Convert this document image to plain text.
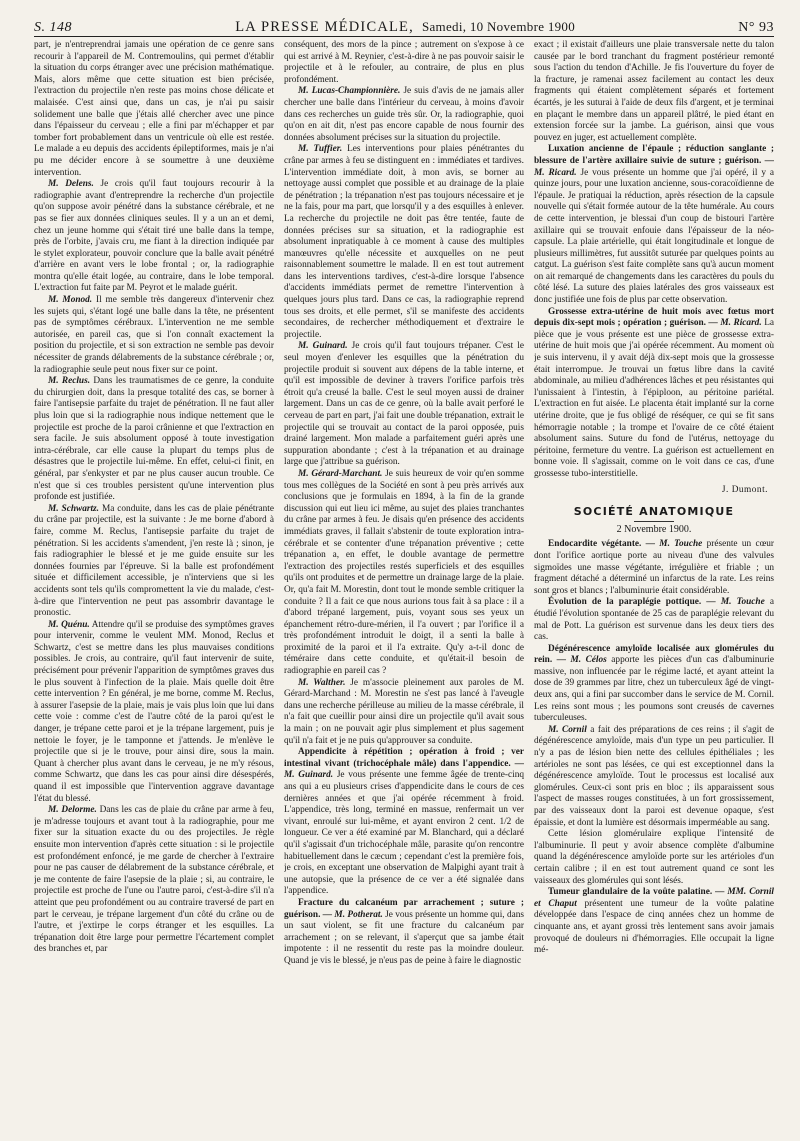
S. 148	LA PRESSE MÉDICALE, Samedi, 10 Novembre 1900	N° 93

part, je n'entreprendrai jamais une opération de ce genre sans recourir à l'appareil de M. Contremoulins, qui permet d'établir la situation du corps étranger avec une précision mathématique. Mais, alors même que cette situation est bien précisée, l'extraction du projectile n'en reste pas moins chose délicate et malaisée. C'est ainsi que, dans un cas, je n'ai pu saisir solidement une balle que j'étais allé chercher avec une pince dans l'épaisseur du cerveau ; elle a fini par m'échapper et par tomber fort probablement dans un ventricule où elle est restée. Le malade a eu depuis des accidents épileptiformes, mais je n'ai pu me décider encore à se soumettre à une deuxième intervention.

M. Delens. Je crois qu'il faut toujours recourir à la radiographie avant d'entreprendre la recherche d'un projectile qu'on suppose avoir pénétré dans la substance cérébrale, et ne pas se fier aux données cliniques seules. Il y a un an et demi, chez un jeune homme qui s'était tiré une balle dans la tempe, près de l'orbite, j'avais cru, me fiant à la direction indiquée par le stylet explorateur, pouvoir conclure que la balle avait pénétré d'arrière en avant vers le lobe frontal ; or, la radiographie montra qu'elle était logée, au contraire, dans le lobe temporal. L'extraction fut faite par M. Peyrot et le malade guérit.

M. Monod. Il me semble très dangereux d'intervenir chez les sujets qui, s'étant logé une balle dans la tête, ne présentent pas de symptômes cérébraux. L'intervention ne me semble autorisée, en pareil cas, que si l'on connaît exactement la position du projectile, et si son extraction ne semble pas devoir nécessiter de grands délabrements de la substance cérébrale ; or, la radiographie seule peut nous fixer sur ce point.

M. Reclus. Dans les traumatismes de ce genre, la conduite du chirurgien doit, dans la presque totalité des cas, se borner à faire l'antisepsie parfaite du trajet de pénétration. Il ne faut aller plus loin que si la radiographie nous indique nettement que le projectile est proche de la paroi crânienne et que l'extraction en sera facile. Je suis absolument opposé à toute investigation intra-cérébrale, car elle cause la plupart du temps plus de désastres que le projectile lui-même. En effet, celui-ci finit, en général, par s'enkyster et par ne plus causer aucun trouble. Ce n'est que si ces troubles persistent qu'une intervention plus profonde est justifiée.

M. Schwartz. Ma conduite, dans les cas de plaie pénétrante du crâne par projectile, est la suivante : Je me borne d'abord à faire, comme M. Reclus, l'antisepsie parfaite du trajet de pénétration. Si les accidents s'amendent, j'en reste là ; sinon, je fais radiographier le blessé et je me guide ensuite sur les données fournies par l'épreuve. Si la balle est profondément située et difficilement accessible, je n'interviens que si les accidents sont tels qu'ils compromettent la vie du malade, c'est-à-dire que l'intervention ne peut pas assombrir davantage le pronostic.

M. Quénu. Attendre qu'il se produise des symptômes graves pour intervenir, comme le veulent MM. Monod, Reclus et Schwartz, c'est se mettre dans les plus mauvaises conditions possibles. Je crois, au contraire, qu'il faut intervenir de suite, précisément pour prévenir l'apparition de symptômes graves dus le plus souvent à l'infection de la plaie. Mais quelle doit être cette intervention ? En général, je me borne, comme M. Reclus, à assurer l'asepsie de la plaie, mais je vais plus loin que lui dans cette voie : comme c'est de l'autre côté de la paroi qu'est le danger, je trépane cette paroi et je la trépane largement, puis je nettoie le foyer, je le tamponne et j'attends. Je m'enlève le projectile que si je le trouve, pour ainsi dire, sous la main. Quant à chercher plus avant dans le cerveau, je ne m'y résous, comme Schwartz, que dans les cas pour ainsi dire désespérés, quand il est impossible que l'intervention aggrave davantage l'état du blessé.

M. Delorme. Dans les cas de plaie du crâne par arme à feu, je m'adresse toujours et avant tout à la radiographie, pour me fixer sur la situation exacte du ou des projectiles. Je règle ensuite mon intervention d'après cette situation : si le projectile est profondément enfoncé, je me garde de chercher à l'extraire pour ne pas causer de délabrement de la substance cérébrale, et je me contente de faire l'asepsie de la plaie ; si, au contraire, le projectile est proche de l'une ou l'autre paroi, c'est-à-dire s'il n'a atteint que peu profondément ou au contraire traversé de part en part le cerveau, je trépane largement d'un côté du crâne ou de l'autre, et j'extirpe le corps étranger et les esquilles. La trépanation doit être large pour permettre l'écartement complet des branches et, par

conséquent, des mors de la pince ; autrement on s'expose à ce qui est arrivé à M. Reynier, c'est-à-dire à ne pas pouvoir saisir le projectile et à le refouler, au contraire, de plus en plus profondément.

M. Lucas-Championnière. Je suis d'avis de ne jamais aller chercher une balle dans l'intérieur du cerveau, à moins d'avoir dans ces recherches un guide très sûr. Or, la radiographie, quoi qu'on en ait dit, n'est pas encore capable de nous fournir des données absolument précises sur la situation du projectile.

M. Tuffier. Les interventions pour plaies pénétrantes du crâne par armes à feu se distinguent en : immédiates et tardives. L'intervention immédiate doit, à mon avis, se borner au nettoyage aussi complet que possible et au drainage de la plaie de pénétration ; la trépanation n'est pas toujours nécessaire et je ne la fais, pour ma part, que lorsqu'il y a des esquilles à enlever. La recherche du projectile ne doit pas être tentée, faute de données précises sur sa situation, et la radiographie est absolument inpratiquable à ce moment à cause des multiples manœuvres qu'elle nécessite et auxquelles on ne peut raisonnablement soumettre le malade. Il en est tout autrement dans les interventions tardives, c'est-à-dire lorsque l'absence d'accidents immédiats permet de remettre l'intervention à quelques jours plus tard. Dans ce cas, la radiographie reprend tous ses droits, et elle permet, s'il se manifeste des accidents secondaires, de rechercher méthodiquement et d'extraire le projectile.

M. Guinard. Je crois qu'il faut toujours trépaner. C'est le seul moyen d'enlever les esquilles que la pénétration du projectile produit si souvent aux dépens de la table interne, et qu'il est impossible de deviner à travers l'orifice parfois très étroit qu'a creusé la balle. C'est le seul moyen aussi de drainer largement. Dans un cas de ce genre, où la balle avait perforé le cerveau de part en part, j'ai fait une double trépanation, extrait le projectile qui se trouvait au contact de la paroi opposée, puis drainé largement. Mon malade a parfaitement guéri après une suppuration abondante ; c'est à la trépanation et au drainage large que j'attribue sa guérison.

M. Gérard-Marchant. Je suis heureux de voir qu'en somme tous mes collègues de la Société en sont à peu près arrivés aux conclusions que je formulais en 1894, à la fin de la grande discussion qui eut lieu ici même, au sujet des plaies tranchantes du crâne par armes à feu. Je disais qu'en présence des accidents immédiats graves, il fallait s'abstenir de toute exploration intra-cérébrale et se contenter d'une trépanation préventive ; cette trépanation a, en effet, le double avantage de permettre l'extraction des projectiles restés superficiels et des esquilles qu'ils ont produites et de permettre un drainage large de la plaie. Or, qu'a fait M. Morestin, dont tout le monde semble critiquer la conduite ? Il a fait ce que nous aurions tous fait à sa place : il a d'abord trépané largement, puis, voyant sous ses yeux un épanchement rétro-dure-mérien, il l'a ouvert ; par l'orifice il a très profondément introduit le doigt, il a senti la balle à proximité de la paroi et il l'a extraite. Qu'y a-t-il donc de téméraire dans cette conduite, et qu'était-il besoin de radiographie en pareil cas ?

M. Walther. Je m'associe pleinement aux paroles de M. Gérard-Marchand : M. Morestin ne s'est pas lancé à l'aveugle dans une recherche périlleuse au milieu de la masse cérébrale, il n'a fait que cueillir pour ainsi dire un projectile qu'il avait sous la main ; on ne pouvait agir plus simplement et plus sagement qu'il n'a fait et je ne puis qu'approuver sa conduite.

Appendicite à répétition ; opération à froid ; ver intestinal vivant (trichocéphale mâle) dans l'appendice. — M. Guinard. Je vous présente une femme âgée de trente-cinq ans qui a eu plusieurs crises d'appendicite dans le cours de ces dernières années et que j'ai opérée récemment à froid. L'appendice, très long, terminé en massue, renfermait un ver vivant, enroulé sur lui-même, et ayant environ 2 cent. 1/2 de longueur. Ce ver a été examiné par M. Blanchard, qui a déclaré qu'il s'agissait d'un trichocéphale mâle, parasite qu'on rencontre habituellement dans le cæcum ; cependant c'est la première fois, je crois, en exceptant une observation de Malpighi ayant trait à une autopsie, que la présence de ce ver a été signalée dans l'appendice.

Fracture du calcanéum par arrachement ; suture ; guérison. — M. Potherat. Je vous présente un homme qui, dans un saut violent, se fit une fracture du calcanéum par arrachement ; on se relevant, il s'aperçut que sa jambe était impotente : il ne ressentit du reste pas la moindre douleur. Quand je vis le blessé, je n'eus pas de peine à faire le diagnostic

exact ; il existait d'ailleurs une plaie transversale nette du talon causée par le bord tranchant du fragment postérieur remonté sous l'action du tendon d'Achille. Je fis l'ouverture du foyer de la fracture, je ramenai assez facilement au contact les deux fragments qui étaient complètement séparés et fortement écartés, je les suturai à l'aide de deux fils d'argent, et je terminai en plaçant le membre dans un appareil plâtré, le pied étant en extension forcée sur la jambe. La guérison, ainsi que vous pouvez en juger, est actuellement complète.

Luxation ancienne de l'épaule ; réduction sanglante ; blessure de l'artère axillaire suivie de suture ; guérison. — M. Ricard. Je vous présente un homme que j'ai opéré, il y a quinze jours, pour une luxation ancienne, sous-coracoïdienne de l'épaule. Je pratiquai la réduction, après résection de la capsule nouvelle qui s'était formée autour de la tête humérale. Au cours de cette intervention, je blessai d'un coup de bistouri l'artère axillaire qui se trouvait enfouie dans l'épaisseur de la néo-capsule. La plaie artérielle, qui était longitudinale et longue de plusieurs millimètres, fut aussitôt suturée par quelques points au catgut. La guérison s'est faite complète sans qu'à aucun moment on ait remarqué de changements dans les caractères du pouls du côté lésé. La suture des plaies latérales des gros vaisseaux est donc justifiée une fois de plus par cette observation.

Grossesse extra-utérine de huit mois avec fœtus mort depuis dix-sept mois ; opération ; guérison. — M. Ricard. La pièce que je vous présente est une pièce de grossesse extra-utérine de huit mois que j'ai opérée récemment. Au moment où je suis intervenu, il y avait déjà dix-sept mois que la grossesse était interrompue. Je trouvai un fœtus libre dans la cavité abdominale, au milieu d'adhérences lâches et peu résistantes qui l'unissaient à l'intestin, à l'épiploon, au péritoine pariétal. L'extraction en fut aisée. Le placenta était implanté sur la corne utérine droite, que je fus obligé de réséquer, ce qui se fit sans hémorragie notable ; la trompe et l'ovaire de ce côté étaient absolument sains. Suture du fond de l'utérus, nettoyage du péritoine, fermeture du ventre. La guérison est actuellement en bonne voie. Il s'agissait, comme on le voit dans ce cas, d'une grossesse tubo-interstitielle.

J. Dumont.
SOCIÉTÉ ANATOMIQUE
2 Novembre 1900.

Endocardite végétante. — M. Touche présente un cœur dont l'orifice aortique porte au niveau d'une des valvules sigmoïdes une masse végétante, irrégulière et friable ; un fragment détaché a déterminé un infarctus de la rate. Les reins sont gros et blancs ; l'albuminurie était considérable.

Évolution de la paraplégie pottique. — M. Touche a étudié l'évolution spontanée de 25 cas de paraplégie relevant du mal de Pott. La guérison est survenue dans les deux tiers des cas.

Dégénérescence amyloïde localisée aux glomérules du rein. — M. Célos apporte les pièces d'un cas d'albuminurie massive, non influencée par le régime lacté, et ayant atteint la dose de 39 grammes par litre, chez un tuberculeux âgé de vingt-deux ans, qui a fini par succomber dans le service de M. Cornil. Les reins sont mous ; les poumons sont creusés de cavernes tuberculeuses.

M. Cornil a fait des préparations de ces reins ; il s'agit de dégénérescence amyloïde, mais d'un type un peu particulier. Il n'y a pas de lésion bien nette des cellules épithéliales ; les artérioles ne sont pas lésées, ce qui est exceptionnel dans la dégénérescence amyloïde. Tout le processus est localisé aux glomérules. Ceux-ci sont pris en bloc ; ils apparaissent sous l'aspect de masses rouges constituées, à un fort grossissement, par des vaisseaux dont la paroi est devenue opaque, s'est épaissie, et dont la lumière est désormais imperméable au sang.

Cette lésion glomérulaire explique l'intensité de l'albuminurie. Il peut y avoir absence complète d'albumine quand la dégénérescence amyloïde porte sur les artérioles d'un certain calibre ; il en est tout autrement quand ce sont les vaisseaux des glomérules qui sont lésés.

Tumeur glandulaire de la voûte palatine. — MM. Cornil et Chaput présentent une tumeur de la voûte palatine développée dans l'espace de cinq années chez un homme de cinquante ans, et ayant grossi très lentement sans avoir jamais provoqué de douleurs ni d'hémorragies. Elle occupait la ligne mé-
